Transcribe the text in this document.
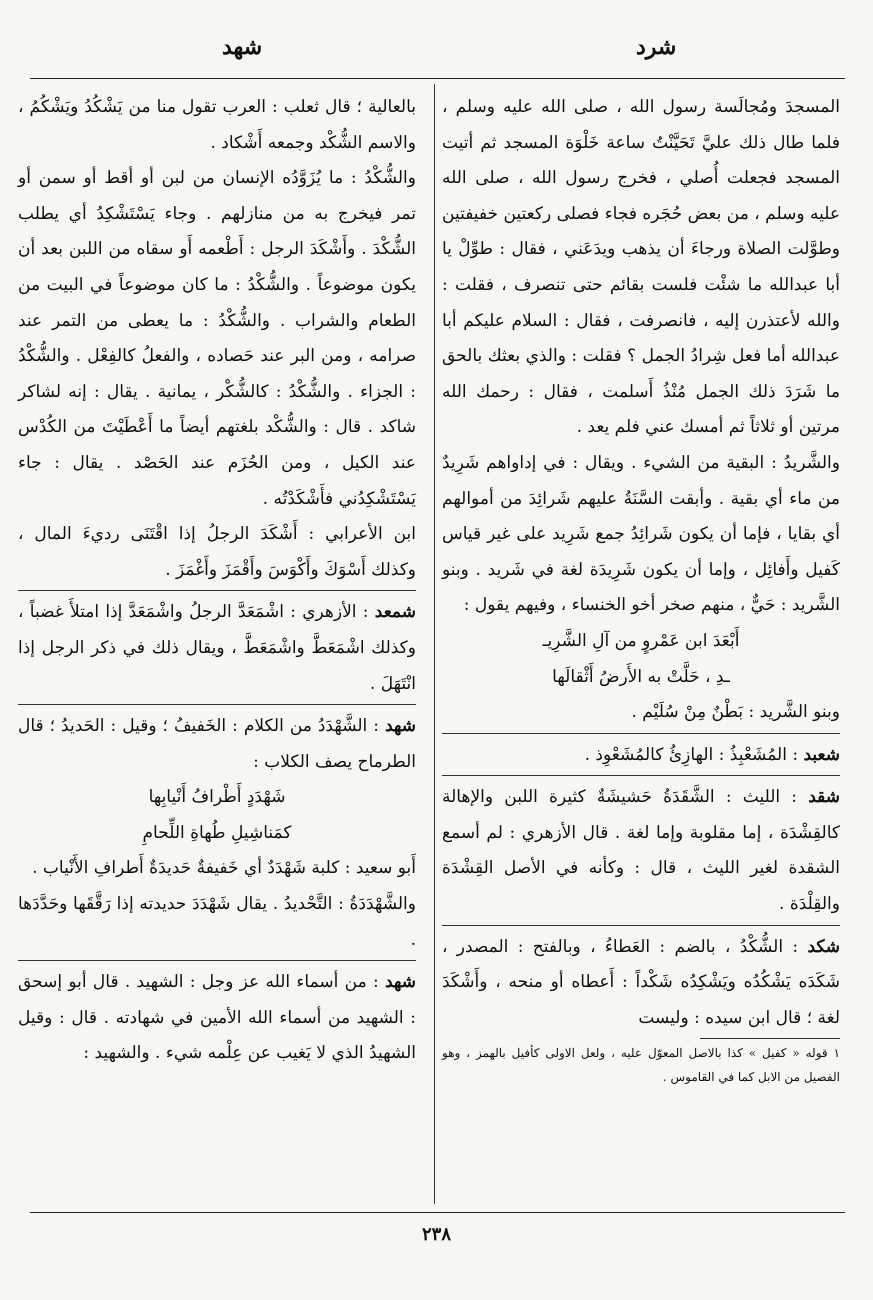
شرد
شهد

المسجدَ ومُجالَسة رسول الله ، صلى الله عليه وسلم ، فلما طال ذلك عليَّ تَحَيَّنْتُ ساعة خَلْوَة المسجد ثم أتيت المسجد فجعلت أُصلي ، فخرج رسول الله ، صلى الله عليه وسلم ، من بعض حُجَره فجاء فصلى ركعتين خفيفتين وطوَّلت الصلاة ورجاءَ أن يذهب ويدَعَني ، فقال : طوِّلْ يا أبا عبدالله ما شئْت فلست بقائم حتى تنصرف ، فقلت : والله لأعتذرن إليه ، فانصرفت ، فقال : السلام عليكم أبا عبدالله أما فعل شِرادُ الجمل ؟ فقلت : والذي بعثك بالحق ما شَرَدَ ذلك الجمل مُنْذُ أَسلمت ، فقال : رحمك الله مرتين أو ثلاثاً ثم أمسك عني فلم يعد .

والشَّريدُ : البقية من الشيء . ويقال : في إداواهم شَرِيدٌ من ماء أي بقية . وأبقت السَّنَةُ عليهم شَرائِدَ من أموالهم أي بقايا ، فإما أن يكون شَرائِدُ جمع شَرِيد على غير قياس كَفيل وأَفائِل ، وإما أن يكون شَرِيدَة لغة في شَريد . وبنو الشَّريد : حَيٌّ ، منهم صخر أخو الخنساء ، وفيهم يقول :

أَبْعَدَ ابن عَمْروٍ من آلِ الشَّرِيـ

ـدِ ، حَلَّتْ به الأَرضُ أَثْقالَها

وبنو الشَّريد : بَطْنٌ مِنْ سُلَيْم .

شعبد : المُشَعْبِذُ : الهازِئُ كالمُشَعْوِذ .

شقد : الليث : الشَّقَدَةُ حَشيشَةٌ كثيرة اللبن والإهالة كالقِشْدَة ، إما مقلوبة وإما لغة . قال الأزهري : لم أسمع الشقدة لغير الليث ، قال : وكأنه في الأصل القِشْدَة والقِلْدَة .

شكد : الشُّكْدُ ، بالضم : العَطاءُ ، وبالفتح : المصدر ، شَكَدَه يَشْكُدُه ويَشْكِدُه شَكْداً : أَعطاه أو منحه ، وأَشْكَدَ لغة ؛ قال ابن سيده : وليست

١ قوله « كفيل » كذا بالاصل المعوّل عليه ، ولعل الاولى كأفيل بالهمز ، وهو الفصيل من الابل كما في القاموس .

بالعالية ؛ قال ثعلب : العرب تقول منا من يَشْكُدُ ويَشْكُمُ ، والاسم الشُّكْد وجمعه أَشْكاد .

والشُّكْدُ : ما يُزَوَّدُه الإنسان من لبن أو أقط أو سمن أو تمر فيخرج به من منازلهم . وجاء يَسْتَشْكِدُ أي يطلب الشُّكْدَ . وأَشْكَدَ الرجل : أَطْعمه أَو سقاه من اللبن بعد أن يكون موضوعاً . والشُّكْدُ : ما كان موضوعاً في البيت من الطعام والشراب . والشُّكْدُ : ما يعطى من التمر عند صرامه ، ومن البر عند حَصاده ، والفعلُ كالفِعْل . والشُّكْدُ : الجزاء . والشُّكْدُ : كالشُّكْر ، يمانية . يقال : إنه لشاكر شاكد . قال : والشُّكْد بلغتهم أيضاً ما أَعْطَيْتَ من الكُدْس عند الكيل ، ومن الحُزَم عند الحَصْد . يقال : جاء يَسْتَشْكِدُني فأَشْكَدْتُه .

ابن الأعرابي : أَشْكَدَ الرجلُ إذا اقْتَنَى رديءَ المال ، وكذلك أَسْوَكَ وأَكْوَسَ وأَقْمَزَ وأَغْمَزَ .

شمعد : الأزهري : اشْمَعَدَّ الرجلُ واشْمَعَدَّ إذا امتلأَ غضباً ، وكذلك اشْمَعَطَّ واشْمَعَطَّ ، ويقال ذلك في ذكر الرجل إذا انْتَهَلَ .

شهد : الشَّهْدَدُ من الكلام : الخَفيفُ ؛ وقيل : الحَديدُ ؛ قال الطرماح يصف الكلاب :

شَهْدَدٍ أَطْرافُ أَنْيابِها

كمَناشِيلِ طُهاةِ اللِّحامِ

أَبو سعيد : كلبة شَهْدَدٌ أي خَفيفةٌ حَديدَةٌ أَطرافِ الأَنْياب .

والشَّهْدَدَةُ : التَّحْديدُ . يقال شَهْدَدَ حديدته إذا رَقَّقَها وحَدَّدَها .

شهد : من أسماء الله عز وجل : الشهيد . قال أبو إسحق : الشهيد من أسماء الله الأمين في شهادته . قال : وقيل الشهيدُ الذي لا يَغيب عن عِلْمه شيء . والشهيد :

٢٣٨
